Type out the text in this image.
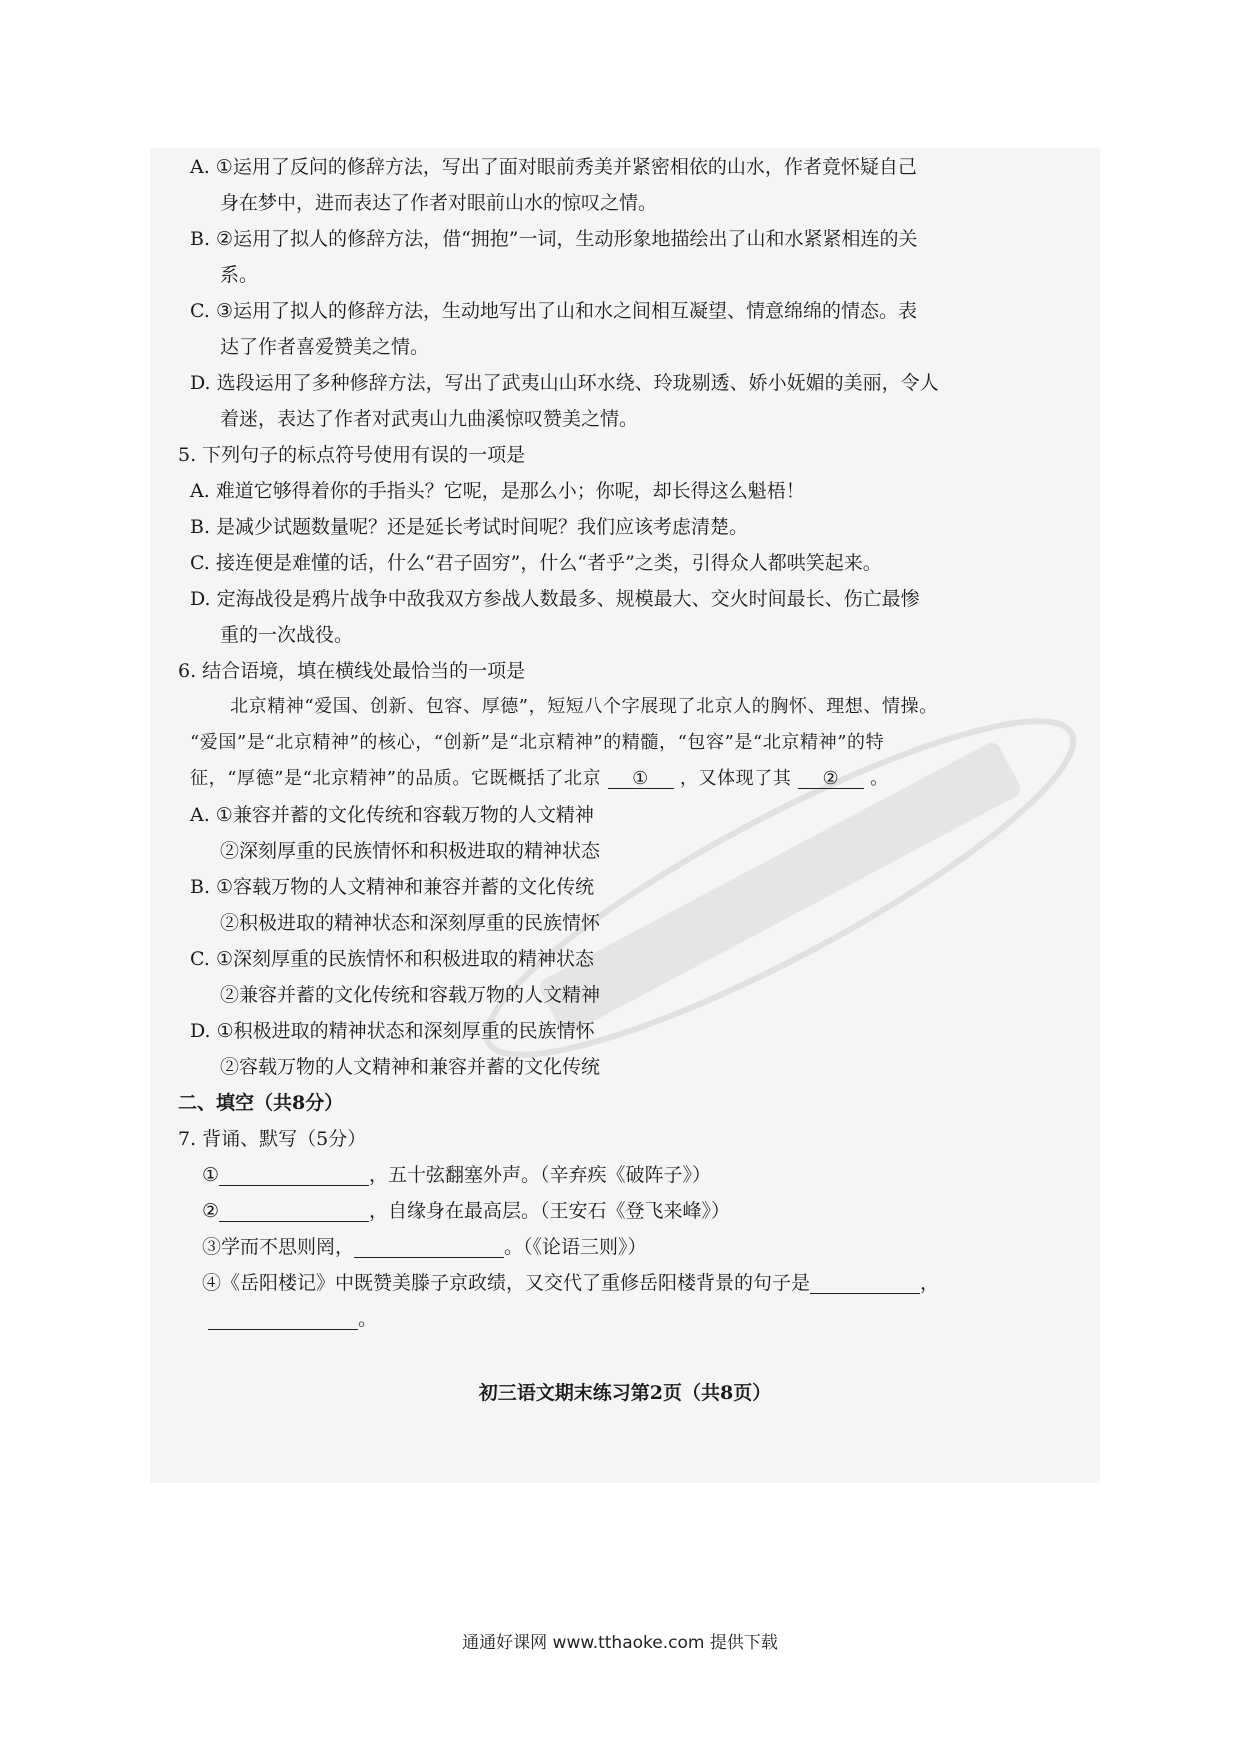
A. ①运用了反问的修辞方法，写出了面对眼前秀美并紧密相依的山水，作者竟怀疑自己
身在梦中，进而表达了作者对眼前山水的惊叹之情。
B. ②运用了拟人的修辞方法，借“拥抱”一词，生动形象地描绘出了山和水紧紧相连的关
系。
C. ③运用了拟人的修辞方法，生动地写出了山和水之间相互凝望、情意绵绵的情态。表
达了作者喜爱赞美之情。
D. 选段运用了多种修辞方法，写出了武夷山山环水绕、玲珑剔透、娇小妩媚的美丽，令人
着迷，表达了作者对武夷山九曲溪惊叹赞美之情。
5. 下列句子的标点符号使用有误的一项是
A. 难道它够得着你的手指头？它呢，是那么小；你呢，却长得这么魁梧！
B. 是减少试题数量呢？还是延长考试时间呢？我们应该考虑清楚。
C. 接连便是难懂的话，什么“君子固穷”，什么“者乎”之类，引得众人都哄笑起来。
D. 定海战役是鸦片战争中敌我双方参战人数最多、规模最大、交火时间最长、伤亡最惨
重的一次战役。
6. 结合语境，填在横线处最恰当的一项是
北京精神“爱国、创新、包容、厚德”，短短八个字展现了北京人的胸怀、理想、情操。
“爱国”是“北京精神”的核心，“创新”是“北京精神”的精髓，“包容”是“北京精神”的特
征，“厚德”是“北京精神”的品质。它既概括了北京 ① ，又体现了其 ② 。
A. ①兼容并蓄的文化传统和容载万物的人文精神
②深刻厚重的民族情怀和积极进取的精神状态
B. ①容载万物的人文精神和兼容并蓄的文化传统
②积极进取的精神状态和深刻厚重的民族情怀
C. ①深刻厚重的民族情怀和积极进取的精神状态
②兼容并蓄的文化传统和容载万物的人文精神
D. ①积极进取的精神状态和深刻厚重的民族情怀
②容载万物的人文精神和兼容并蓄的文化传统
二、填空（共8分）
7. 背诵、默写（5分）
①	，五十弦翻塞外声。（辛弃疾《破阵子》）
②	，自缘身在最高层。（王安石《登飞来峰》）
③学而不思则罔，	。（《论语三则》）
④《岳阳楼记》中既赞美滕子京政绩，又交代了重修岳阳楼背景的句子是	，
。
初三语文期末练习第2页（共8页）
通通好课网 www.tthaoke.com 提供下载
